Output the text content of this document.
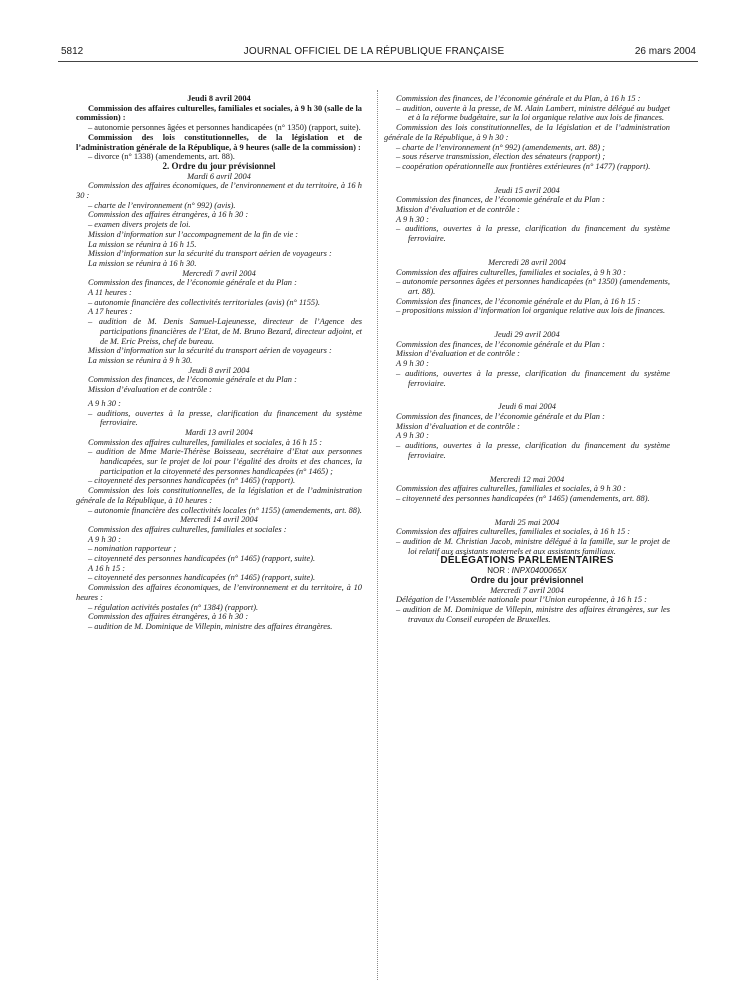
5812	JOURNAL OFFICIEL DE LA RÉPUBLIQUE FRANÇAISE	26 mars 2004
Jeudi 8 avril 2004
Commission des affaires culturelles, familiales et sociales, à 9 h 30 (salle de la commission) :
– autonomie personnes âgées et personnes handicapées (n° 1350) (rapport, suite).
Commission des lois constitutionnelles, de la législation et de l’administration générale de la République, à 9 heures (salle de la commission) :
– divorce (n° 1338) (amendements, art. 88).
2. Ordre du jour prévisionnel
Mardi 6 avril 2004
Commission des affaires économiques, de l’environnement et du territoire, à 16 h 30 :
– charte de l’environnement (n° 992) (avis).
Commission des affaires étrangères, à 16 h 30 :
– examen divers projets de loi.
Mission d’information sur l’accompagnement de la fin de vie :
La mission se réunira à 16 h 15.
Mission d’information sur la sécurité du transport aérien de voyageurs :
La mission se réunira à 16 h 30.
Mercredi 7 avril 2004
Commission des finances, de l’économie générale et du Plan :
A 11 heures :
– autonomie financière des collectivités territoriales (avis) (n° 1155).
A 17 heures :
– audition de M. Denis Samuel-Lajeunesse, directeur de l’Agence des participations financières de l’Etat, de M. Bruno Bezard, directeur adjoint, et de M. Eric Preiss, chef de bureau.
Mission d’information sur la sécurité du transport aérien de voyageurs :
La mission se réunira à 9 h 30.
Jeudi 8 avril 2004
Commission des finances, de l’économie générale et du Plan :
Mission d’évaluation et de contrôle :
A 9 h 30 :
– auditions, ouvertes à la presse, clarification du financement du système ferroviaire.
Mardi 13 avril 2004
Commission des affaires culturelles, familiales et sociales, à 16 h 15 :
– audition de Mme Marie-Thérèse Boisseau, secrétaire d’Etat aux personnes handicapées, sur le projet de loi pour l’égalité des droits et des chances, la participation et la citoyenneté des personnes handicapées (n° 1465) ;
– citoyenneté des personnes handicapées (n° 1465) (rapport).
Commission des lois constitutionnelles, de la législation et de l’administration générale de la République, à 10 heures :
– autonomie financière des collectivités locales (n° 1155) (amendements, art. 88).
Mercredi 14 avril 2004
Commission des affaires culturelles, familiales et sociales :
A 9 h 30 :
– nomination rapporteur ;
– citoyenneté des personnes handicapées (n° 1465) (rapport, suite).
A 16 h 15 :
– citoyenneté des personnes handicapées (n° 1465) (rapport, suite).
Commission des affaires économiques, de l’environnement et du territoire, à 10 heures :
– régulation activités postales (n° 1384) (rapport).
Commission des affaires étrangères, à 16 h 30 :
– audition de M. Dominique de Villepin, ministre des affaires étrangères.
Commission des finances, de l’économie générale et du Plan, à 16 h 15 :
– audition, ouverte à la presse, de M. Alain Lambert, ministre délégué au budget et à la réforme budgétaire, sur la loi organique relative aux lois de finances.
Commission des lois constitutionnelles, de la législation et de l’administration générale de la République, à 9 h 30 :
– charte de l’environnement (n° 992) (amendements, art. 88) ;
– sous réserve transmission, élection des sénateurs (rapport) ;
– coopération opérationnelle aux frontières extérieures (n° 1477) (rapport).
Jeudi 15 avril 2004
Commission des finances, de l’économie générale et du Plan :
Mission d’évaluation et de contrôle :
A 9 h 30 :
– auditions, ouvertes à la presse, clarification du financement du système ferroviaire.
Mercredi 28 avril 2004
Commission des affaires culturelles, familiales et sociales, à 9 h 30 :
– autonomie personnes âgées et personnes handicapées (n° 1350) (amendements, art. 88).
Commission des finances, de l’économie générale et du Plan, à 16 h 15 :
– propositions mission d’information loi organique relative aux lois de finances.
Jeudi 29 avril 2004
Commission des finances, de l’économie générale et du Plan :
Mission d’évaluation et de contrôle :
A 9 h 30 :
– auditions, ouvertes à la presse, clarification du financement du système ferroviaire.
Jeudi 6 mai 2004
Commission des finances, de l’économie générale et du Plan :
Mission d’évaluation et de contrôle :
A 9 h 30 :
– auditions, ouvertes à la presse, clarification du financement du système ferroviaire.
Mercredi 12 mai 2004
Commission des affaires culturelles, familiales et sociales, à 9 h 30 :
– citoyenneté des personnes handicapées (n° 1465) (amendements, art. 88).
Mardi 25 mai 2004
Commission des affaires culturelles, familiales et sociales, à 16 h 15 :
– audition de M. Christian Jacob, ministre délégué à la famille, sur le projet de loi relatif aux assistants maternels et aux assistants familiaux.
DÉLÉGATIONS PARLEMENTAIRES
NOR : INPX0400065X
Ordre du jour prévisionnel
Mercredi 7 avril 2004
Délégation de l’Assemblée nationale pour l’Union européenne, à 16 h 15 :
– audition de M. Dominique de Villepin, ministre des affaires étrangères, sur les travaux du Conseil européen de Bruxelles.
